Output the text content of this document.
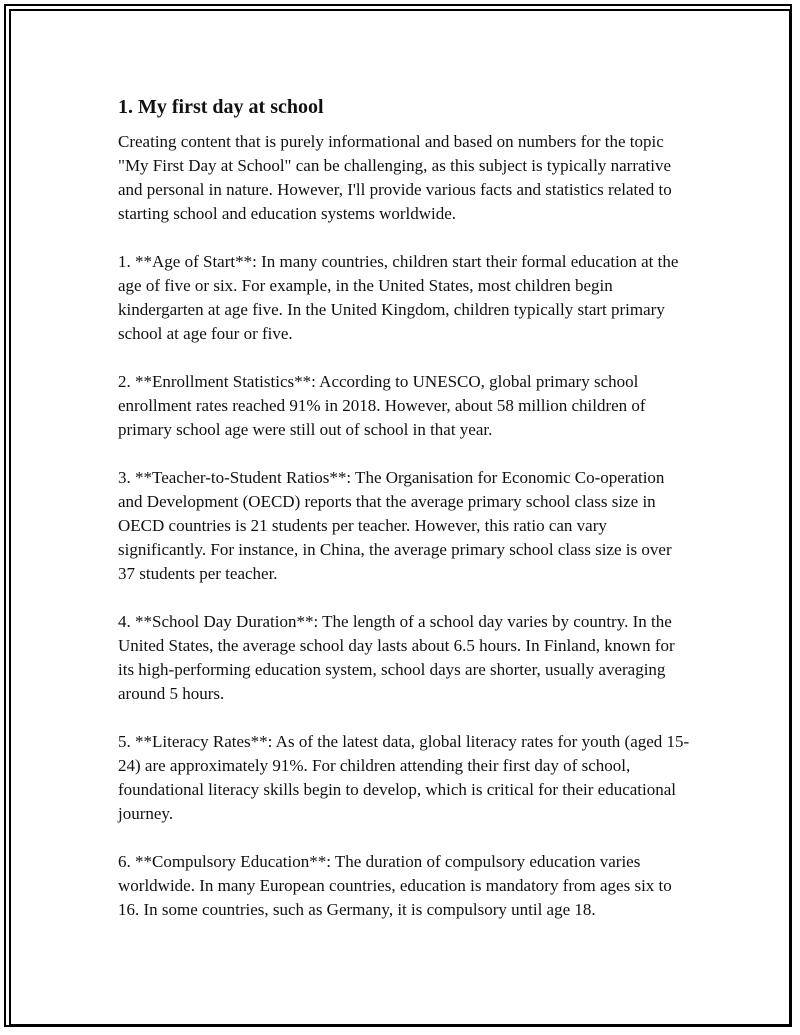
1. My first day at school

Creating content that is purely informational and based on numbers for the topic "My First Day at School" can be challenging, as this subject is typically narrative and personal in nature. However, I'll provide various facts and statistics related to starting school and education systems worldwide.

1. **Age of Start**: In many countries, children start their formal education at the age of five or six. For example, in the United States, most children begin kindergarten at age five. In the United Kingdom, children typically start primary school at age four or five.

2. **Enrollment Statistics**: According to UNESCO, global primary school enrollment rates reached 91% in 2018. However, about 58 million children of primary school age were still out of school in that year.

3. **Teacher-to-Student Ratios**: The Organisation for Economic Co-operation and Development (OECD) reports that the average primary school class size in OECD countries is 21 students per teacher. However, this ratio can vary significantly. For instance, in China, the average primary school class size is over 37 students per teacher.

4. **School Day Duration**: The length of a school day varies by country. In the United States, the average school day lasts about 6.5 hours. In Finland, known for its high-performing education system, school days are shorter, usually averaging around 5 hours.

5. **Literacy Rates**: As of the latest data, global literacy rates for youth (aged 15-24) are approximately 91%. For children attending their first day of school, foundational literacy skills begin to develop, which is critical for their educational journey.

6. **Compulsory Education**: The duration of compulsory education varies worldwide. In many European countries, education is mandatory from ages six to 16. In some countries, such as Germany, it is compulsory until age 18.
